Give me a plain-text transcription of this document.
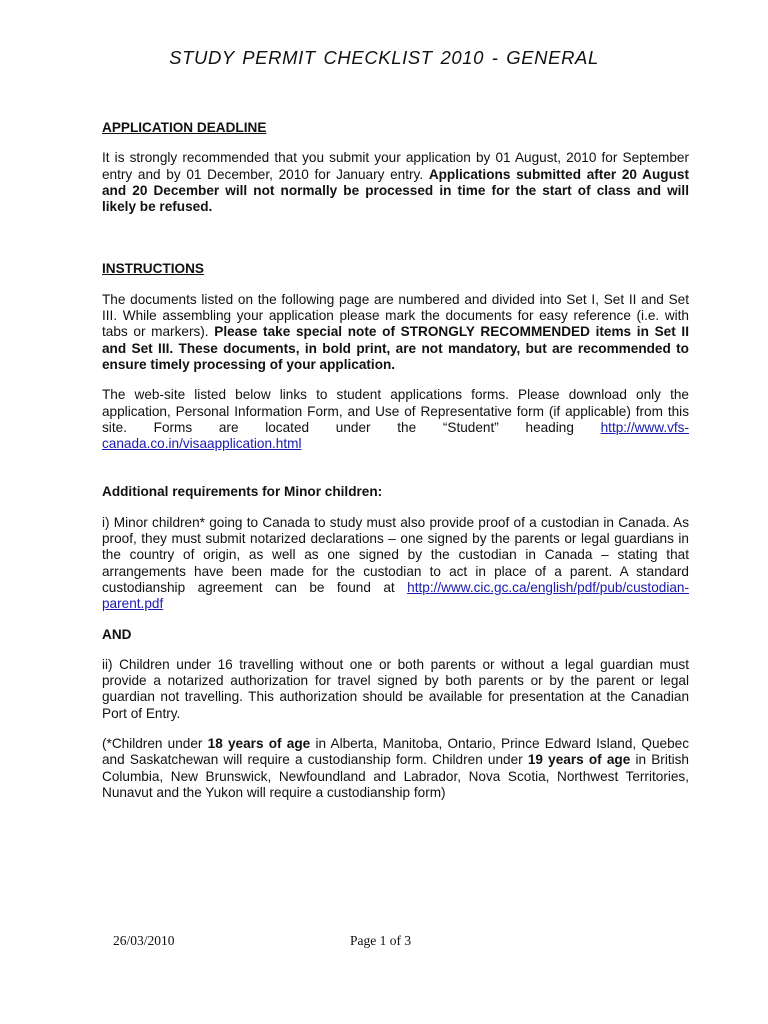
STUDY PERMIT CHECKLIST 2010 - GENERAL
APPLICATION DEADLINE

It is strongly recommended that you submit your application by 01 August, 2010 for September entry and by 01 December, 2010 for January entry. Applications submitted after 20 August and 20 December will not normally be processed in time for the start of class and will likely be refused.

INSTRUCTIONS

The documents listed on the following page are numbered and divided into Set I, Set II and Set III. While assembling your application please mark the documents for easy reference (i.e. with tabs or markers). Please take special note of STRONGLY RECOMMENDED items in Set II and Set III. These documents, in bold print, are not mandatory, but are recommended to ensure timely processing of your application.

The web-site listed below links to student applications forms. Please download only the application, Personal Information Form, and Use of Representative form (if applicable) from this site. Forms are located under the “Student” heading http://www.vfs-canada.co.in/visaapplication.html

Additional requirements for Minor children:

i) Minor children* going to Canada to study must also provide proof of a custodian in Canada. As proof, they must submit notarized declarations – one signed by the parents or legal guardians in the country of origin, as well as one signed by the custodian in Canada – stating that arrangements have been made for the custodian to act in place of a parent. A standard custodianship agreement can be found at http://www.cic.gc.ca/english/pdf/pub/custodian-parent.pdf

AND

ii) Children under 16 travelling without one or both parents or without a legal guardian must provide a notarized authorization for travel signed by both parents or by the parent or legal guardian not travelling. This authorization should be available for presentation at the Canadian Port of Entry.

(*Children under 18 years of age in Alberta, Manitoba, Ontario, Prince Edward Island, Quebec and Saskatchewan will require a custodianship form. Children under 19 years of age in British Columbia, New Brunswick, Newfoundland and Labrador, Nova Scotia, Northwest Territories, Nunavut and the Yukon will require a custodianship form)

26/03/2010	Page 1 of 3
